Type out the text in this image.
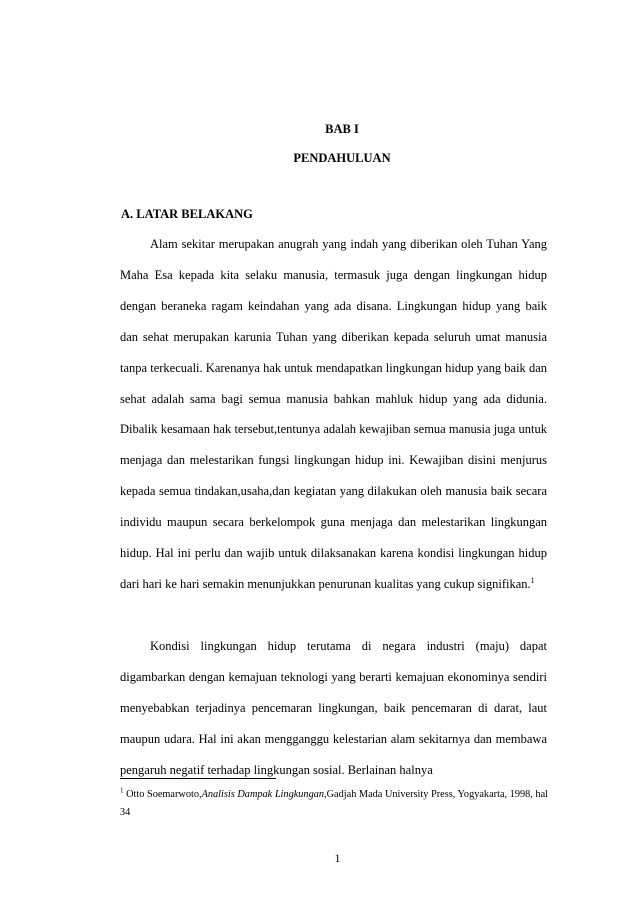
BAB I
PENDAHULUAN
A. LATAR BELAKANG

Alam sekitar merupakan anugrah yang indah yang diberikan oleh Tuhan Yang Maha Esa kepada kita selaku manusia, termasuk juga dengan lingkungan hidup dengan beraneka ragam keindahan yang ada disana. Lingkungan hidup yang baik dan sehat merupakan karunia Tuhan yang diberikan kepada seluruh umat manusia tanpa terkecuali. Karenanya hak untuk mendapatkan lingkungan hidup yang baik dan sehat adalah sama bagi semua manusia bahkan mahluk hidup yang ada didunia. Dibalik kesamaan hak tersebut,tentunya adalah kewajiban semua manusia juga untuk menjaga dan melestarikan fungsi lingkungan hidup ini. Kewajiban disini menjurus kepada semua tindakan,usaha,dan kegiatan yang dilakukan oleh manusia baik secara individu maupun secara berkelompok guna menjaga dan melestarikan lingkungan hidup. Hal ini perlu dan wajib untuk dilaksanakan karena kondisi lingkungan hidup dari hari ke hari semakin menunjukkan penurunan kualitas yang cukup signifikan.$^1$

Kondisi lingkungan hidup terutama di negara industri (maju) dapat digambarkan dengan kemajuan teknologi yang berarti kemajuan ekonominya sendiri menyebabkan terjadinya pencemaran lingkungan, baik pencemaran di darat, laut maupun udara. Hal ini akan mengganggu kelestarian alam sekitarnya dan membawa pengaruh negatif terhadap lingkungan sosial. Berlainan halnya

$^1$ Otto Soemarwoto,Analisis Dampak Lingkungan,Gadjah Mada University Press, Yogyakarta, 1998, hal 34
1
